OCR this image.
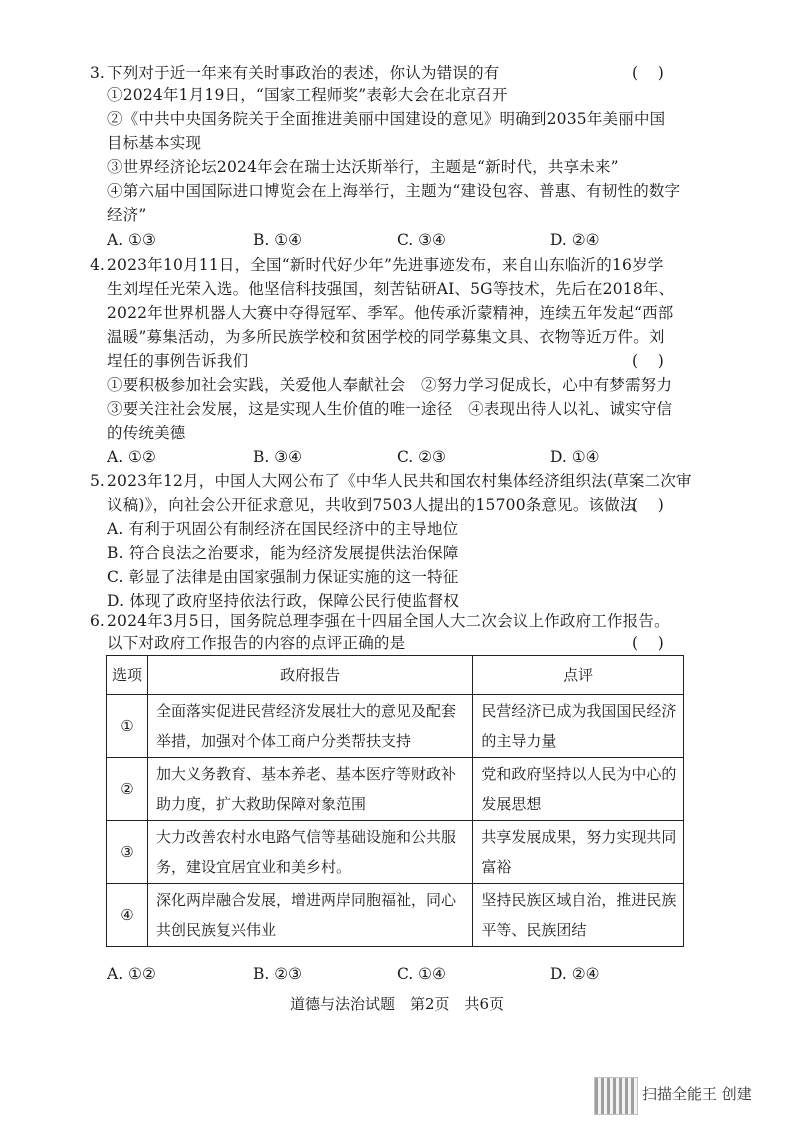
3. 下列对于近一年来有关时事政治的表述，你认为错误的有	(    )
①2024年1月19日，“国家工程师奖”表彰大会在北京召开
②《中共中央国务院关于全面推进美丽中国建设的意见》明确到2035年美丽中国
目标基本实现
③世界经济论坛2024年会在瑞士达沃斯举行，主题是“新时代，共享未来”
④第六届中国国际进口博览会在上海举行，主题为“建设包容、普惠、有韧性的数字
经济”
A. ①③	B. ①④	C. ③④	D. ②④
4. 2023年10月11日，全国“新时代好少年”先进事迹发布，来自山东临沂的16岁学
生刘埕任光荣入选。他坚信科技强国，刻苦钻研AI、5G等技术，先后在2018年、
2022年世界机器人大赛中夺得冠军、季军。他传承沂蒙精神，连续五年发起“西部
温暖”募集活动，为多所民族学校和贫困学校的同学募集文具、衣物等近万件。刘
埕任的事例告诉我们	(    )
①要积极参加社会实践，关爱他人奉献社会　②努力学习促成长，心中有梦需努力
③要关注社会发展，这是实现人生价值的唯一途径　④表现出待人以礼、诚实守信
的传统美德
A. ①②	B. ③④	C. ②③	D. ①④
5. 2023年12月，中国人大网公布了《中华人民共和国农村集体经济组织法(草案二次审
议稿)》，向社会公开征求意见，共收到7503人提出的15700条意见。该做法
(    )
A. 有利于巩固公有制经济在国民经济中的主导地位
B. 符合良法之治要求，能为经济发展提供法治保障
C. 彰显了法律是由国家强制力保证实施的这一特征
D. 体现了政府坚持依法行政，保障公民行使监督权
6. 2024年3月5日，国务院总理李强在十四届全国人大二次会议上作政府工作报告。
以下对政府工作报告的内容的点评正确的是	(    )
选项	政府报告	点评
①	全面落实促进民营经济发展壮大的意见及配套举措，加强对个体工商户分类帮扶支持	民营经济已成为我国国民经济的主导力量

②	加大义务教育、基本养老、基本医疗等财政补助力度，扩大救助保障对象范围	党和政府坚持以人民为中心的发展思想

③	大力改善农村水电路气信等基础设施和公共服务，建设宜居宜业和美乡村。	共享发展成果，努力实现共同富裕

④	深化两岸融合发展，增进两岸同胞福祉，同心共创民族复兴伟业	坚持民族区域自治，推进民族平等、民族团结
A. ①②	B. ②③	C. ①④	D. ②④
道德与法治试题　第2页　共6页
扫描全能王 创建
